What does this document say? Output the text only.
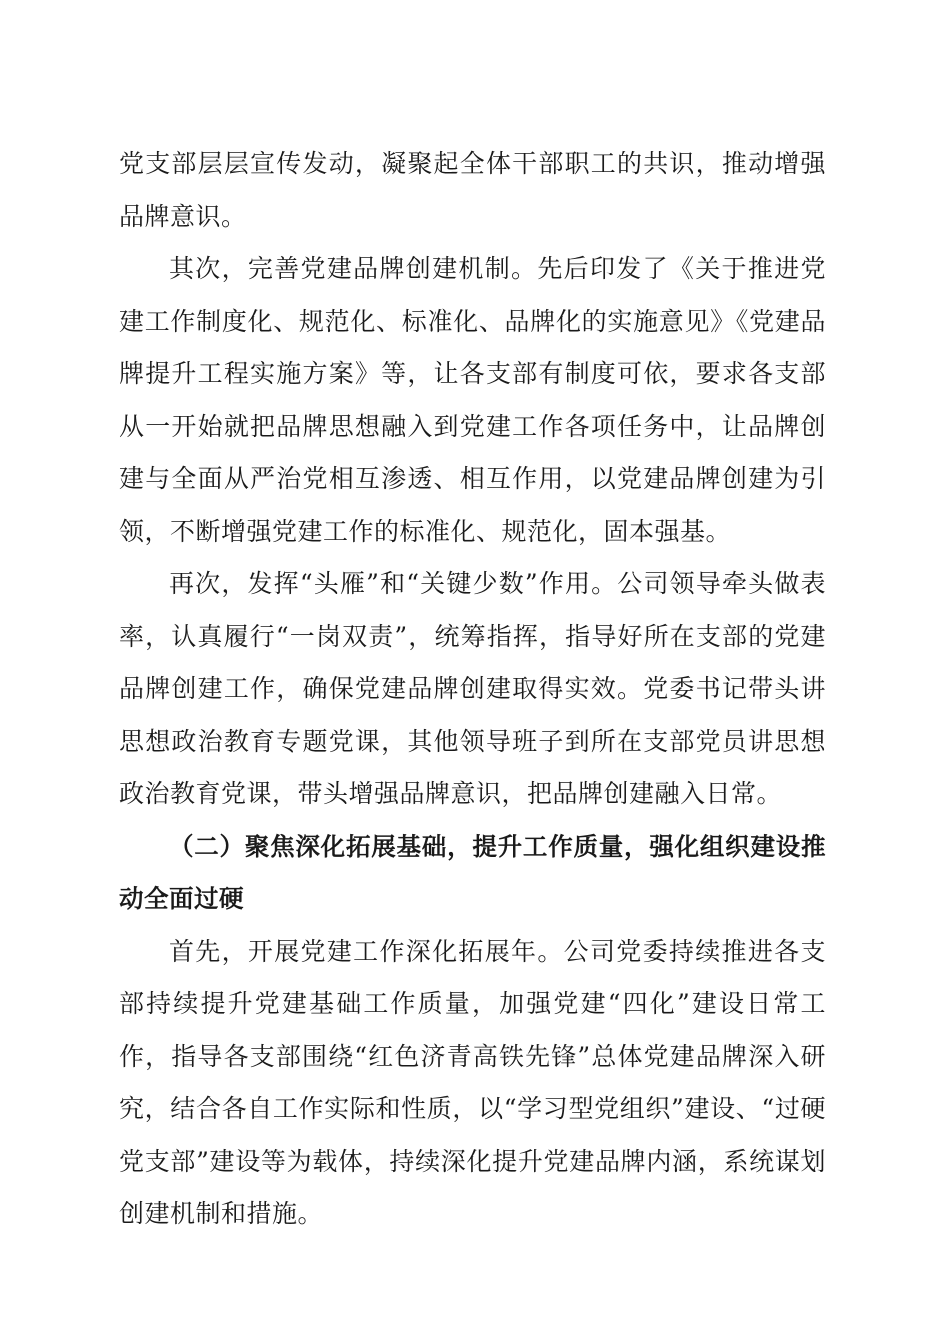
党支部层层宣传发动，凝聚起全体干部职工的共识，推动增强品牌意识。

其次，完善党建品牌创建机制。先后印发了《关于推进党建工作制度化、规范化、标准化、品牌化的实施意见》《党建品牌提升工程实施方案》等，让各支部有制度可依，要求各支部从一开始就把品牌思想融入到党建工作各项任务中，让品牌创建与全面从严治党相互渗透、相互作用，以党建品牌创建为引领，不断增强党建工作的标准化、规范化，固本强基。

再次，发挥“头雁”和“关键少数”作用。公司领导牵头做表率，认真履行“一岗双责”，统筹指挥，指导好所在支部的党建品牌创建工作，确保党建品牌创建取得实效。党委书记带头讲思想政治教育专题党课，其他领导班子到所在支部党员讲思想政治教育党课，带头增强品牌意识，把品牌创建融入日常。

（二）聚焦深化拓展基础，提升工作质量，强化组织建设推动全面过硬

首先，开展党建工作深化拓展年。公司党委持续推进各支部持续提升党建基础工作质量，加强党建“四化”建设日常工作，指导各支部围绕“红色济青高铁先锋”总体党建品牌深入研究，结合各自工作实际和性质，以“学习型党组织”建设、“过硬党支部”建设等为载体，持续深化提升党建品牌内涵，系统谋划创建机制和措施。
